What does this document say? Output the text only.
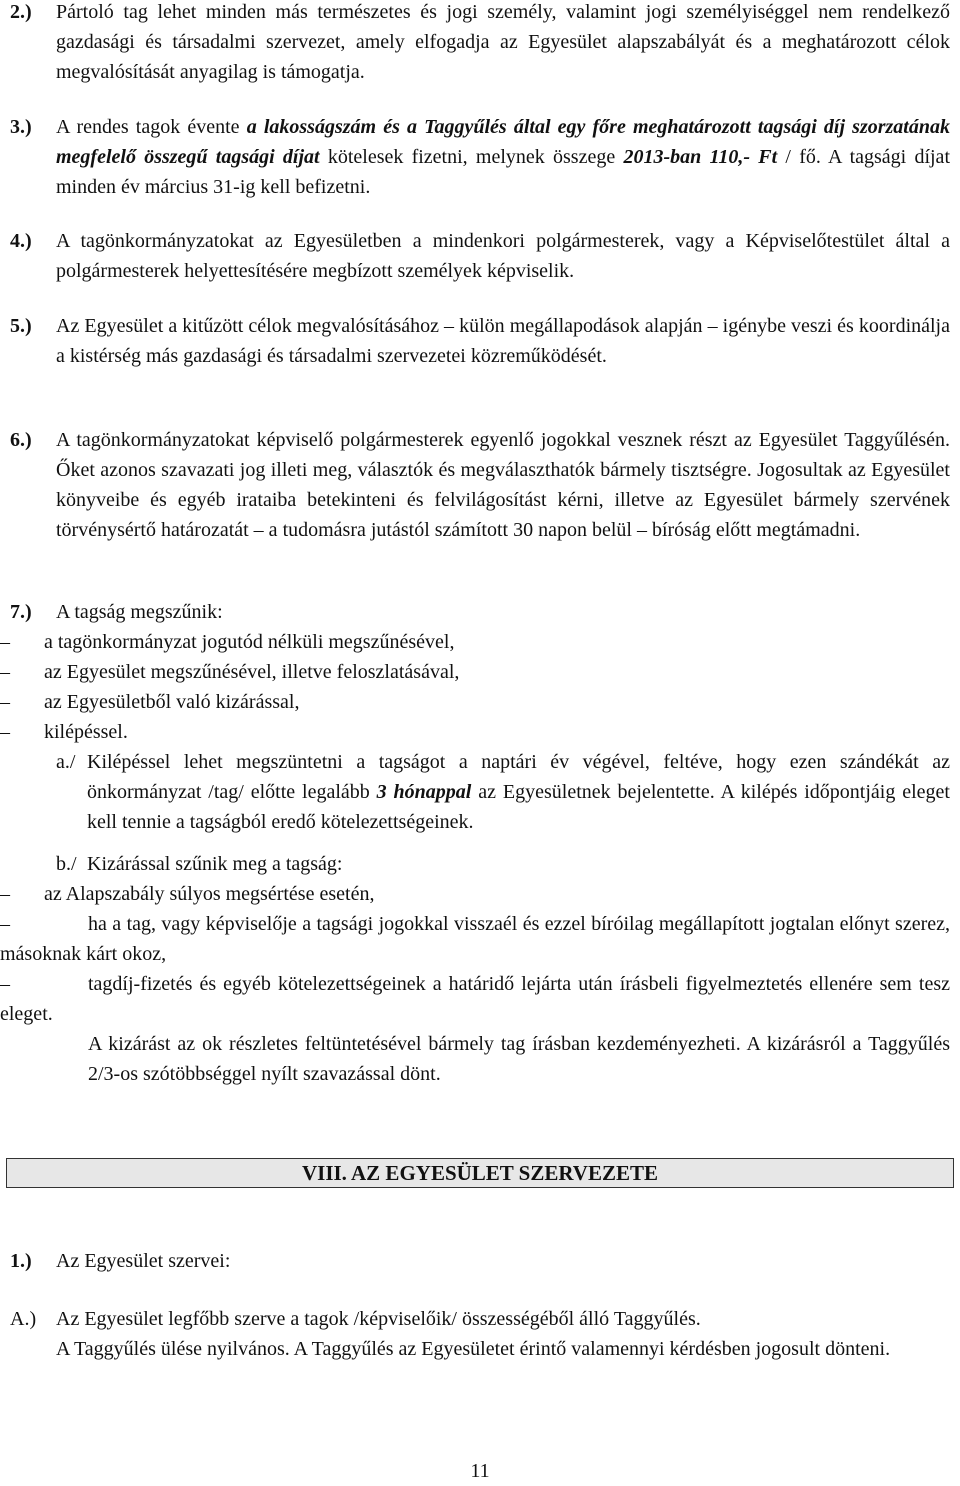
2.) Pártoló tag lehet minden más természetes és jogi személy, valamint jogi személyiséggel nem rendelkező gazdasági és társadalmi szervezet, amely elfogadja az Egyesület alapszabályát és a meghatározott célok megvalósítását anyagilag is támogatja.

3.) A rendes tagok évente a lakosságszám és a Taggyűlés által egy főre meghatározott tagsági díj szorzatának megfelelő összegű tagsági díjat kötelesek fizetni, melynek összege 2013-ban 110,- Ft / fő. A tagsági díjat minden év március 31-ig kell befizetni.

4.) A tagönkormányzatokat az Egyesületben a mindenkori polgármesterek, vagy a Képviselőtestület által a polgármesterek helyettesítésére megbízott személyek képviselik.

5.) Az Egyesület a kitűzött célok megvalósításához – külön megállapodások alapján – igénybe veszi és koordinálja a kistérség más gazdasági és társadalmi szervezetei közreműködését.

6.) A tagönkormányzatokat képviselő polgármesterek egyenlő jogokkal vesznek részt az Egyesület Taggyűlésén. Őket azonos szavazati jog illeti meg, választók és megválaszthatók bármely tisztségre. Jogosultak az Egyesület könyveibe és egyéb irataiba betekinteni és felvilágosítást kérni, illetve az Egyesület bármely szervének törvénysértő határozatát – a tudomásra jutástól számított 30 napon belül – bíróság előtt megtámadni.

7.) A tagság megszűnik:

– a tagönkormányzat jogutód nélküli megszűnésével,
– az Egyesület megszűnésével, illetve feloszlatásával,
– az Egyesületből való kizárással,
– kilépéssel.
a./ Kilépéssel lehet megszüntetni a tagságot a naptári év végével, feltéve, hogy ezen szándékát az önkormányzat /tag/ előtte legalább 3 hónappal az Egyesületnek bejelentette. A kilépés időpontjáig eleget kell tennie a tagságból eredő kötelezettségeinek.

b./ Kizárással szűnik meg a tagság:

– az Alapszabály súlyos megsértése esetén,
–	ha a tag, vagy képviselője a tagsági jogokkal visszaél és ezzel bíróilag megállapított jogtalan előnyt szerez, másoknak kárt okoz,
–	tagdíj-fizetés és egyéb kötelezettségeinek a határidő lejárta után írásbeli figyelmeztetés ellenére sem tesz eleget.

A kizárást az ok részletes feltüntetésével bármely tag írásban kezdeményezheti. A kizárásról a Taggyűlés 2/3-os szótöbbséggel nyílt szavazással dönt.

VIII. AZ EGYESÜLET SZERVEZETE
1.) Az Egyesület szervei:

A.) Az Egyesület legfőbb szerve a tagok /képviselőik/ összességéből álló Taggyűlés.

A Taggyűlés ülése nyilvános. A Taggyűlés az Egyesületet érintő valamennyi kérdésben jogosult dönteni.

11
